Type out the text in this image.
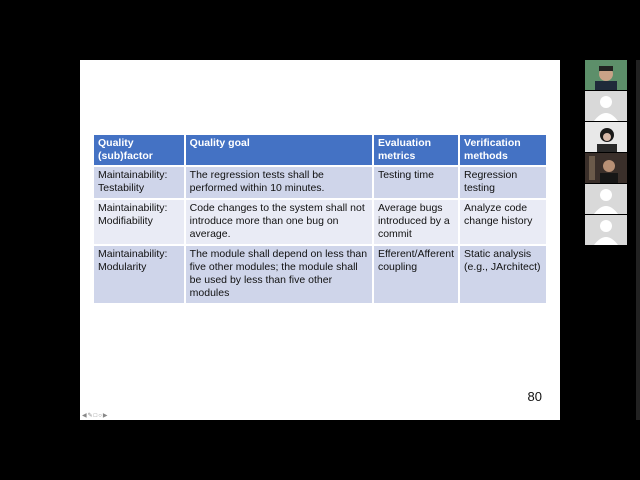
Quality (sub)factor	Quality goal	Evaluation metrics	Verification methods
Maintainability: Testability	The regression tests shall be performed within 10 minutes.	Testing time	Regression testing
Maintainability: Modifiability	Code changes to the system shall not introduce more than one bug on average.	Average bugs introduced by a commit	Analyze code change history
Maintainability: Modularity	The module shall depend on less than five other modules; the module shall be used by less than five other modules	Efferent/Afferent coupling	Static analysis (e.g., JArchitect)
80
◀✎□○▶
